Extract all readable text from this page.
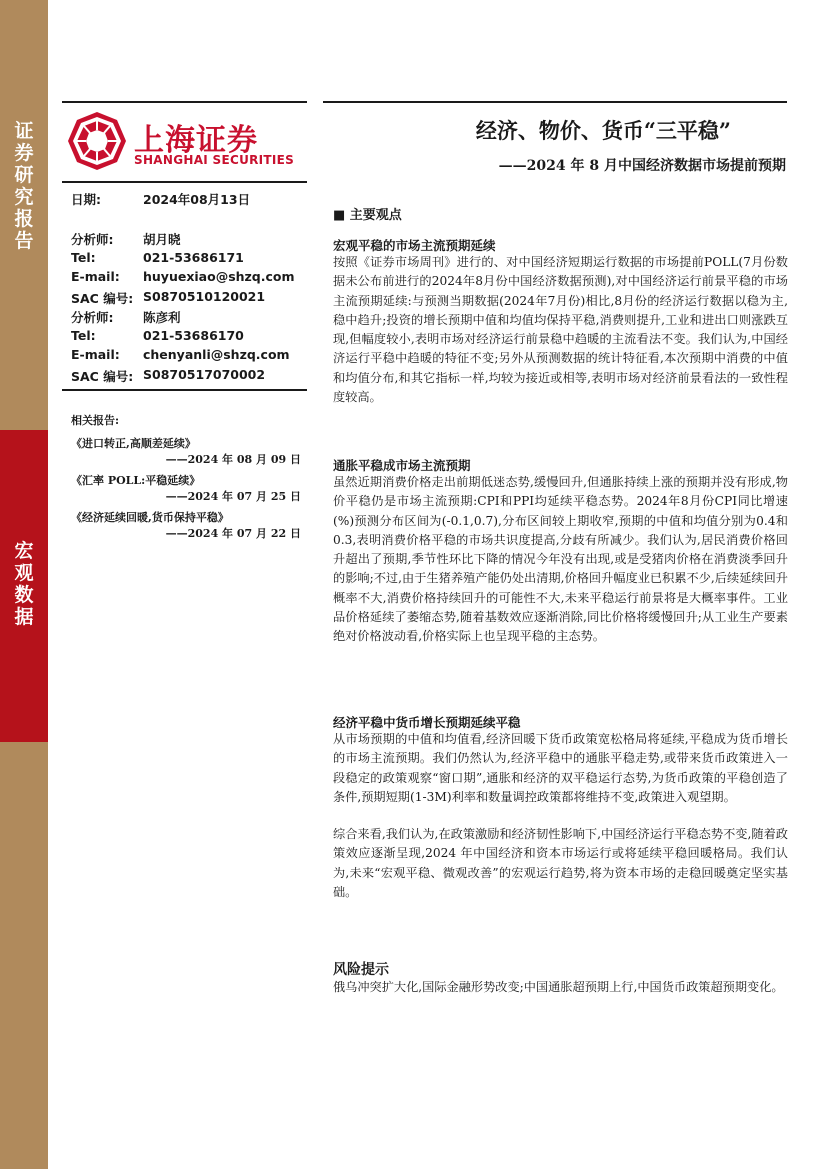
证
券
研
究
报
告
宏
观
数
据
上海证券
SHANGHAI SECURITIES
经济、物价、货币“三平稳”
——2024 年 8 月中国经济数据市场提前预期
日期:	2024年08月13日
分析师: 胡月晓
Tel:	021-53686171
E-mail: huyuexiao@shzq.com
SAC 编号: S0870510120021
分析师: 陈彦利
Tel:	021-53686170
E-mail: chenyanli@shzq.com
SAC 编号: S0870517070002
相关报告:
《进口转正,高顺差延续》
——2024 年 08 月 09 日
《汇率 POLL:平稳延续》
——2024 年 07 月 25 日
《经济延续回暖,货币保持平稳》
——2024 年 07 月 22 日
■ 主要观点
宏观平稳的市场主流预期延续
按照《证券市场周刊》进行的、对中国经济短期运行数据的市场提前POLL(7月份数据未公布前进行的2024年8月份中国经济数据预测),对中国经济运行前景平稳的市场主流预期延续:与预测当期数据(2024年7月份)相比,8月份的经济运行数据以稳为主,稳中趋升;投资的增长预期中值和均值均保持平稳,消费则提升,工业和进出口则涨跌互现,但幅度较小,表明市场对经济运行前景稳中趋暖的主流看法不变。我们认为,中国经济运行平稳中趋暖的特征不变;另外从预测数据的统计特征看,本次预期中消费的中值和均值分布,和其它指标一样,均较为接近或相等,表明市场对经济前景看法的一致性程度较高。
通胀平稳成市场主流预期
虽然近期消费价格走出前期低迷态势,缓慢回升,但通胀持续上涨的预期并没有形成,物价平稳仍是市场主流预期:CPI和PPI均延续平稳态势。2024年8月份CPI同比增速(%)预测分布区间为(-0.1,0.7),分布区间较上期收窄,预期的中值和均值分别为0.4和0.3,表明消费价格平稳的市场共识度提高,分歧有所减少。我们认为,居民消费价格回升超出了预期,季节性环比下降的情况今年没有出现,或是受猪肉价格在消费淡季回升的影响;不过,由于生猪养殖产能仍处出清期,价格回升幅度业已积累不少,后续延续回升概率不大,消费价格持续回升的可能性不大,未来平稳运行前景将是大概率事件。工业品价格延续了萎缩态势,随着基数效应逐渐消除,同比价格将缓慢回升;从工业生产要素绝对价格波动看,价格实际上也呈现平稳的主态势。
经济平稳中货币增长预期延续平稳
从市场预期的中值和均值看,经济回暖下货币政策宽松格局将延续,平稳成为货币增长的市场主流预期。我们仍然认为,经济平稳中的通胀平稳走势,或带来货币政策进入一段稳定的政策观察“窗口期”,通胀和经济的双平稳运行态势,为货币政策的平稳创造了条件,预期短期(1-3M)利率和数量调控政策都将维持不变,政策进入观望期。
综合来看,我们认为,在政策激励和经济韧性影响下,中国经济运行平稳态势不变,随着政策效应逐渐呈现,2024 年中国经济和资本市场运行或将延续平稳回暖格局。我们认为,未来“宏观平稳、微观改善”的宏观运行趋势,将为资本市场的走稳回暖奠定坚实基础。
风险提示
俄乌冲突扩大化,国际金融形势改变;中国通胀超预期上行,中国货币政策超预期变化。
